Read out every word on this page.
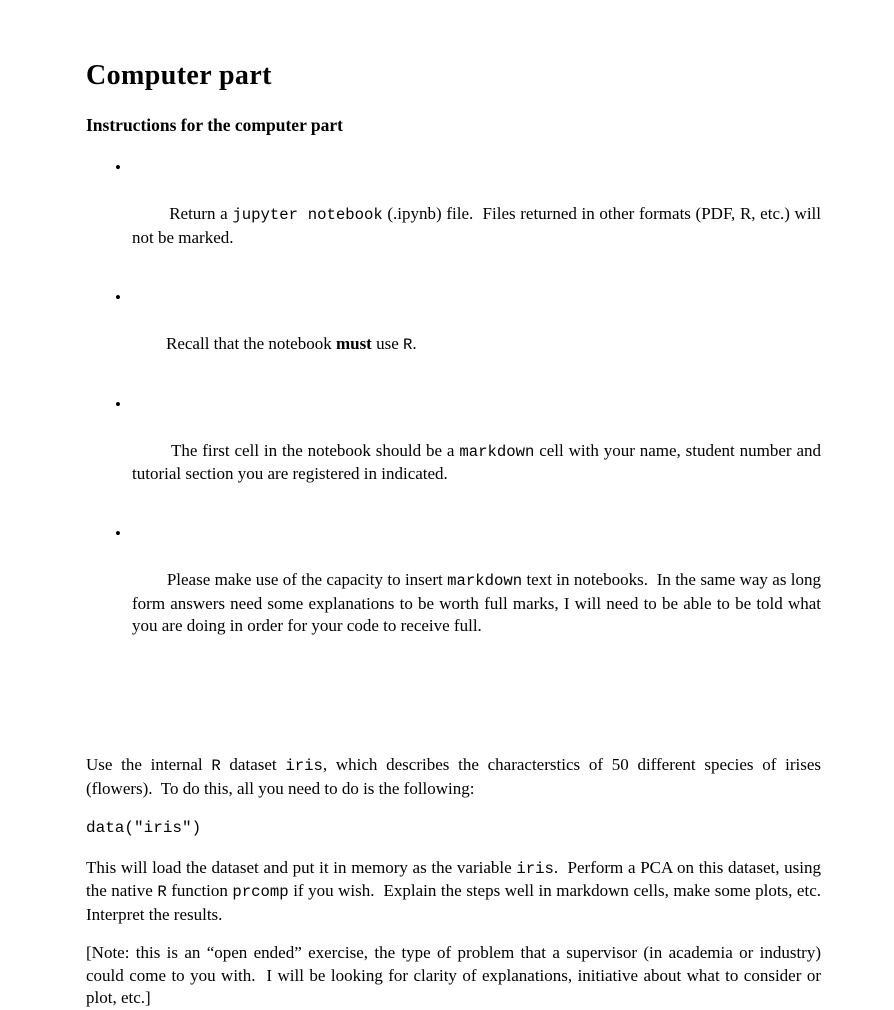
Computer part
Instructions for the computer part

•

Return a jupyter notebook (.ipynb) file.  Files returned in other formats (PDF, R, etc.) will not be marked.

•

Recall that the notebook must use R.

•

The first cell in the notebook should be a markdown cell with your name, student number and tutorial section you are registered in indicated.

•

Please make use of the capacity to insert markdown text in notebooks.  In the same way as long form answers need some explanations to be worth full marks, I will need to be able to be told what you are doing in order for your code to receive full.

Use the internal R dataset iris, which describes the characterstics of 50 different species of irises (flowers).  To do this, all you need to do is the following:

data("iris")

This will load the dataset and put it in memory as the variable iris.  Perform a PCA on this dataset, using the native R function prcomp if you wish.  Explain the steps well in markdown cells, make some plots, etc.  Interpret the results.

[Note: this is an “open ended” exercise, the type of problem that a supervisor (in academia or industry) could come to you with.  I will be looking for clarity of explanations, initiative about what to consider or plot, etc.]
